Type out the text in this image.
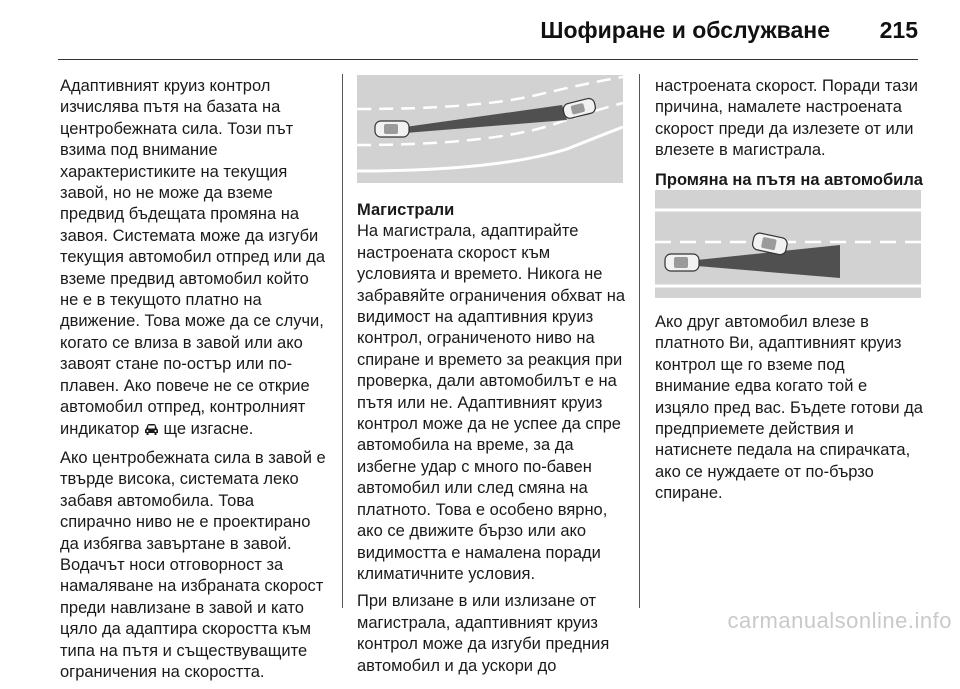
Шофиране и обслужване 215

Адаптивният круиз контрол изчислява пътя на базата на центробежната сила. Този път взима под внимание характеристиките на текущия завой, но не може да вземе предвид бъдещата промяна на завоя. Системата може да изгуби текущия автомобил отпред или да вземе предвид автомобил който не е в текущото платно на движение. Това може да се случи, когато се влиза в завой или ако завоят стане по-остър или по-плавен. Ако повече не се открие автомобил отпред, контролният индикатор ще изгасне.

Ако центробежната сила в завой е твърде висока, системата леко забавя автомобила. Това спирачно ниво не е проектирано да избягва завъртане в завой. Водачът носи отговорност за намаляване на избраната скорост преди навлизане в завой и като цяло да адаптира скоростта към типа на пътя и съществуващите ограничения на скоростта.

Магистрали

На магистрала, адаптирайте настроената скорост към условията и времето. Никога не забравяйте ограничения обхват на видимост на адаптивния круиз контрол, ограниченото ниво на спиране и времето за реакция при проверка, дали автомобилът е на пътя или не. Адаптивният круиз контрол може да не успее да спре автомобила на време, за да избегне удар с много по-бавен автомобил или след смяна на платното. Това е особено вярно, ако се движите бързо или ако видимостта е намалена поради климатичните условия.

При влизане в или излизане от магистрала, адаптивният круиз контрол може да изгуби предния автомобил и да ускори до

настроената скорост. Поради тази причина, намалете настроената скорост преди да излезете от или влезете в магистрала.

Промяна на пътя на автомобила

Ако друг автомобил влезе в платното Ви, адаптивният круиз контрол ще го вземе под внимание едва когато той е изцяло пред вас. Бъдете готови да предприемете действия и натиснете педала на спирачката, ако се нуждаете от по-бързо спиране.

carmanualsonline.info
